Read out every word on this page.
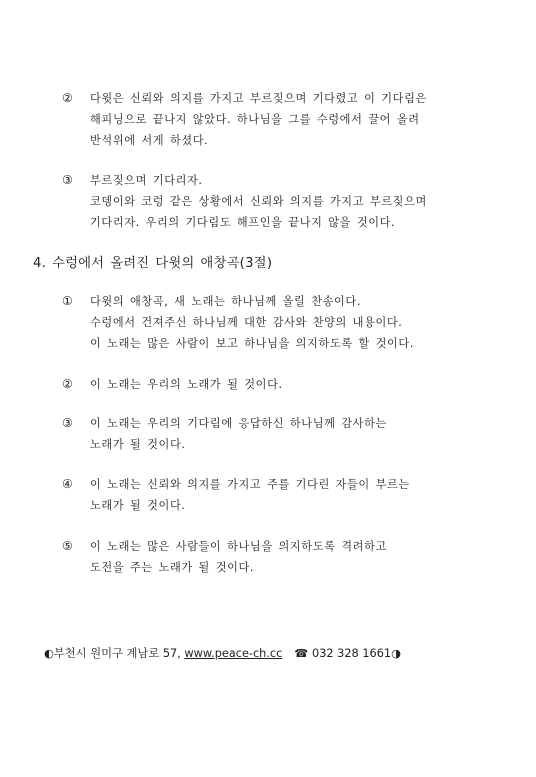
②	다윗은 신뢰와 의지를 가지고 부르짖으며 기다렸고 이 기다림은
해피닝으로 끝나지 않았다. 하나님을 그를 수렁에서 끌어 올려
반석위에 서게 하셨다.
③	부르짖으며 기다리자.
코뎅이와 코렁 같은 상황에서 신뢰와 의지를 가지고 부르짖으며
기다리자. 우리의 기다림도 해프인을 끝나지 않을 것이다.
4. 수렁에서 올려진 다윗의 애창곡(3절)
①	다윗의 애창곡, 새 노래는 하나님께 올릴 찬송이다.
수렁에서 건져주신 하나님께 대한 감사와 찬양의 내용이다.
이 노래는 많은 사람이 보고 하나님을 의지하도록 할 것이다.
②	이 노래는 우리의 노래가 될 것이다.
③	이 노래는 우리의 기다림에 응답하신 하나님께 감사하는
노래가 될 것이다.
④	이 노래는 신뢰와 의지를 가지고 주를 기다린 자들이 부르는
노래가 될 것이다.
⑤	이 노래는 많은 사람들이 하나님을 의지하도록 격려하고
도전을 주는 노래가 될 것이다.
◐부천시 원미구 계남로 57, www.peace-ch.cc ☎ 032 328 1661◑
